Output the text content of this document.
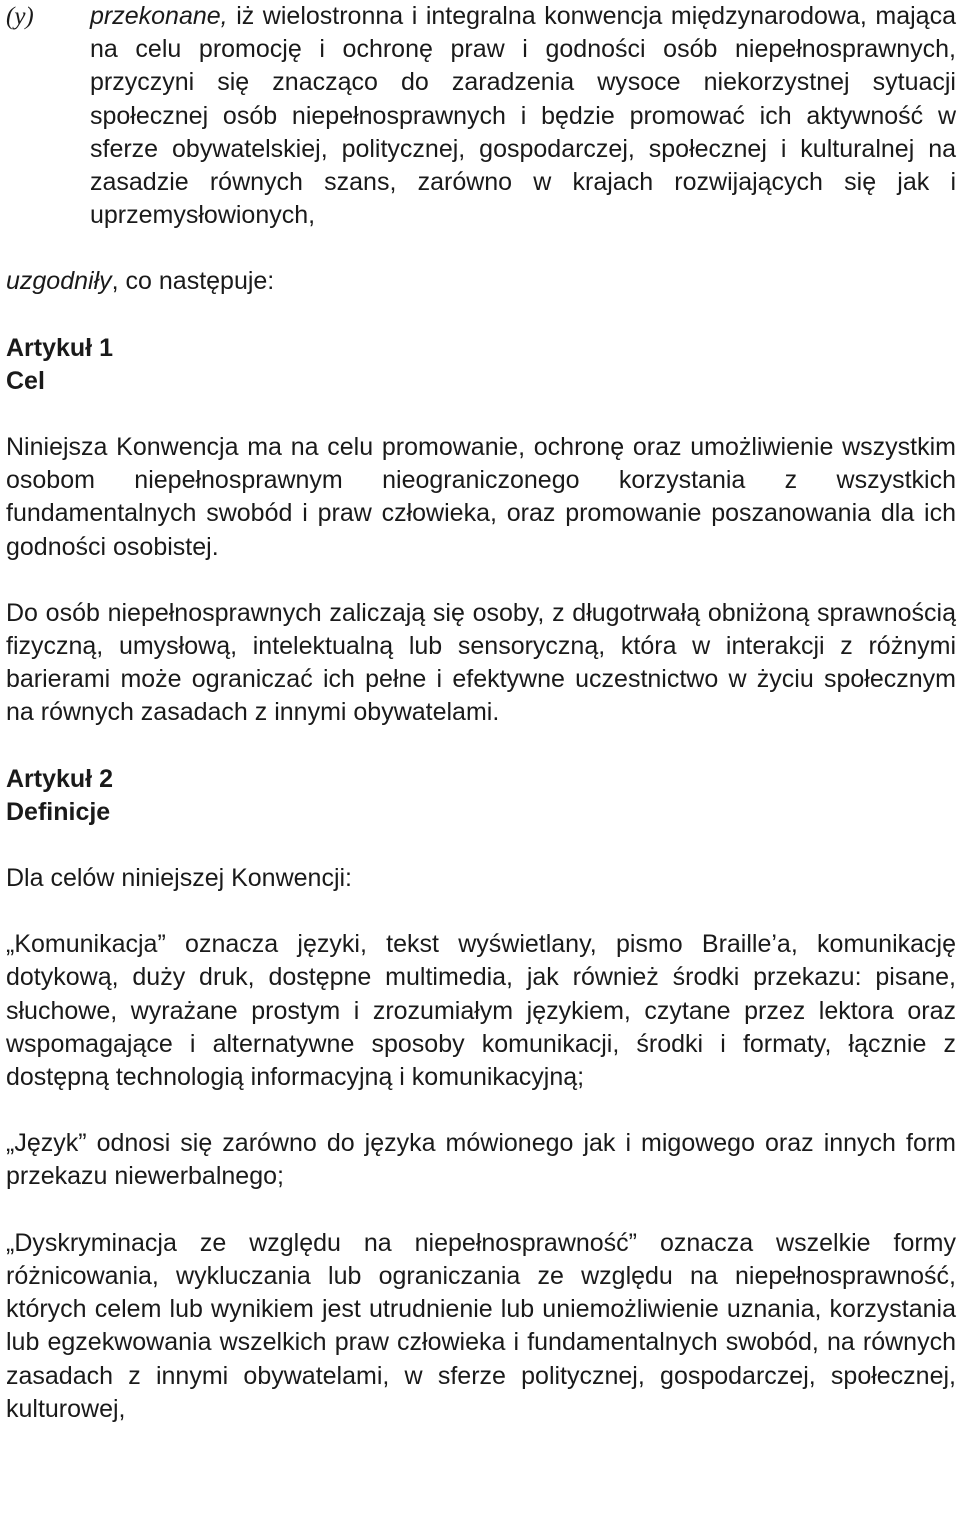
(y) przekonane, iż wielostronna i integralna konwencja międzynarodowa, mająca na celu promocję i ochronę praw i godności osób niepełnosprawnych, przyczyni się znacząco do zaradzenia wysoce niekorzystnej sytuacji społecznej osób niepełnosprawnych i będzie promować ich aktywność w sferze obywatelskiej, politycznej, gospodarczej, społecznej i kulturalnej na zasadzie równych szans, zarówno w krajach rozwijających się jak i uprzemysłowionych,

uzgodniły, co następuje:

Artykuł 1

Cel

Niniejsza Konwencja ma na celu promowanie, ochronę oraz umożliwienie wszystkim osobom niepełnosprawnym nieograniczonego korzystania z wszystkich fundamentalnych swobód i praw człowieka, oraz promowanie poszanowania dla ich godności osobistej.

Do osób niepełnosprawnych zaliczają się osoby, z długotrwałą obniżoną sprawnością fizyczną, umysłową, intelektualną lub sensoryczną, która w interakcji z różnymi barierami może ograniczać ich pełne i efektywne uczestnictwo w życiu społecznym na równych zasadach z innymi obywatelami.

Artykuł 2

Definicje

Dla celów niniejszej Konwencji:

„Komunikacja” oznacza języki, tekst wyświetlany, pismo Braille’a, komunikację dotykową, duży druk, dostępne multimedia, jak również środki przekazu: pisane, słuchowe, wyrażane prostym i zrozumiałym językiem, czytane przez lektora oraz wspomagające i alternatywne sposoby komunikacji, środki i formaty, łącznie z dostępną technologią informacyjną i komunikacyjną;

„Język” odnosi się zarówno do języka mówionego jak i migowego oraz innych form przekazu niewerbalnego;

„Dyskryminacja ze względu na niepełnosprawność” oznacza wszelkie formy różnicowania, wykluczania lub ograniczania ze względu na niepełnosprawność, których celem lub wynikiem jest utrudnienie lub uniemożliwienie uznania, korzystania lub egzekwowania wszelkich praw człowieka i fundamentalnych swobód, na równych zasadach z innymi obywatelami, w sferze politycznej, gospodarczej, społecznej, kulturowej,
